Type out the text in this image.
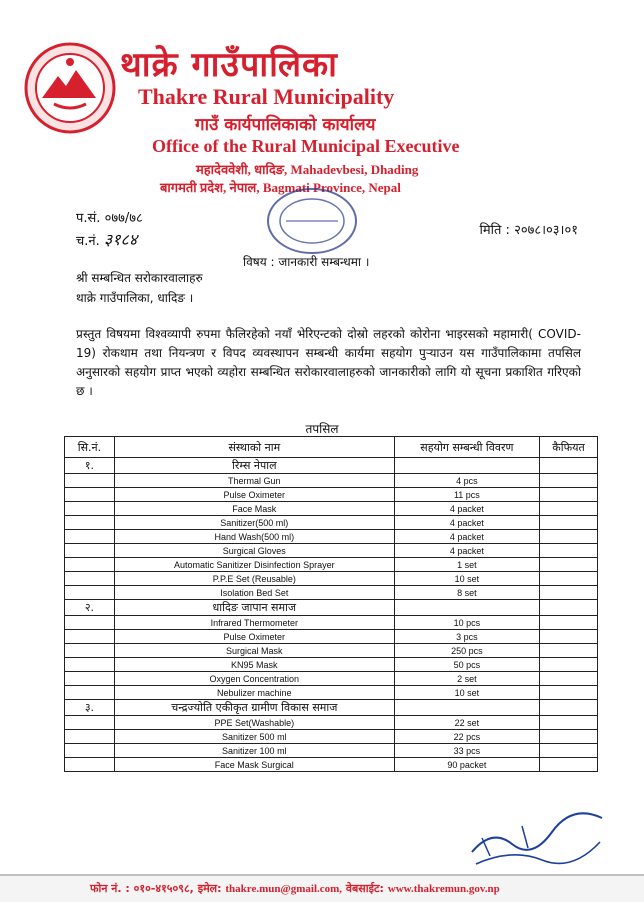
थाक्रे गाउँपालिका
Thakre Rural Municipality
गाउँ कार्यपालिकाको कार्यालय
Office of the Rural Municipal Executive
महादेववेशी, धादिङ, Mahadevbesi, Dhading
बागमती प्रदेश, नेपाल, Bagmati Province, Nepal
प.सं. ०७७/७८
च.नं. ३१८४
मिति : २०७८।०३।०१
विषय : जानकारी सम्बन्धमा ।
श्री सम्बन्धित सरोकारवालाहरु
थाक्रे गाउँपालिका, धादिङ ।
प्रस्तुत विषयमा विश्वव्यापी रुपमा फैलिरहेको नयाँ भेरिएन्टको दोस्रो लहरको कोरोना भाइरसको महामारी( COVID-19) रोकथाम तथा नियन्त्रण र विपद व्यवस्थापन सम्बन्धी कार्यमा सहयोग पुऱ्याउन यस गाउँपालिकामा तपसिल अनुसारको सहयोग प्राप्त भएको व्यहोरा सम्बन्धित सरोकारवालाहरुको जानकारीको लागि यो सूचना प्रकाशित गरिएको छ ।
तपसिल
सि.नं.	संस्थाको नाम	सहयोग सम्बन्धी विवरण	कैफियत
१.	रिम्स नेपाल		
	Thermal Gun	4 pcs	
	Pulse Oximeter	11 pcs	
	Face Mask	4 packet	
	Sanitizer(500 ml)	4 packet	
	Hand Wash(500 ml)	4 packet	
	Surgical Gloves	4 packet	
	Automatic Sanitizer Disinfection Sprayer	1 set	
	P.P.E Set (Reusable)	10 set	
	Isolation Bed Set	8 set	
२.	धादिङ जापान समाज		
	Infrared Thermometer	10 pcs	
	Pulse Oximeter	3 pcs	
	Surgical Mask	250 pcs	
	KN95 Mask	50 pcs	
	Oxygen Concentration	2 set	
	Nebulizer machine	10 set	
३.	चन्द्रज्योति एकीकृत ग्रामीण विकास समाज		
	PPE Set(Washable)	22 set	
	Sanitizer 500 ml	22 pcs	
	Sanitizer 100 ml	33 pcs	
	Face Mask Surgical	90 packet	
फोन नं. : ०१०-४१५०९८, इमेल: thakre.mun@gmail.com, वेबसाईट: www.thakremun.gov.np
